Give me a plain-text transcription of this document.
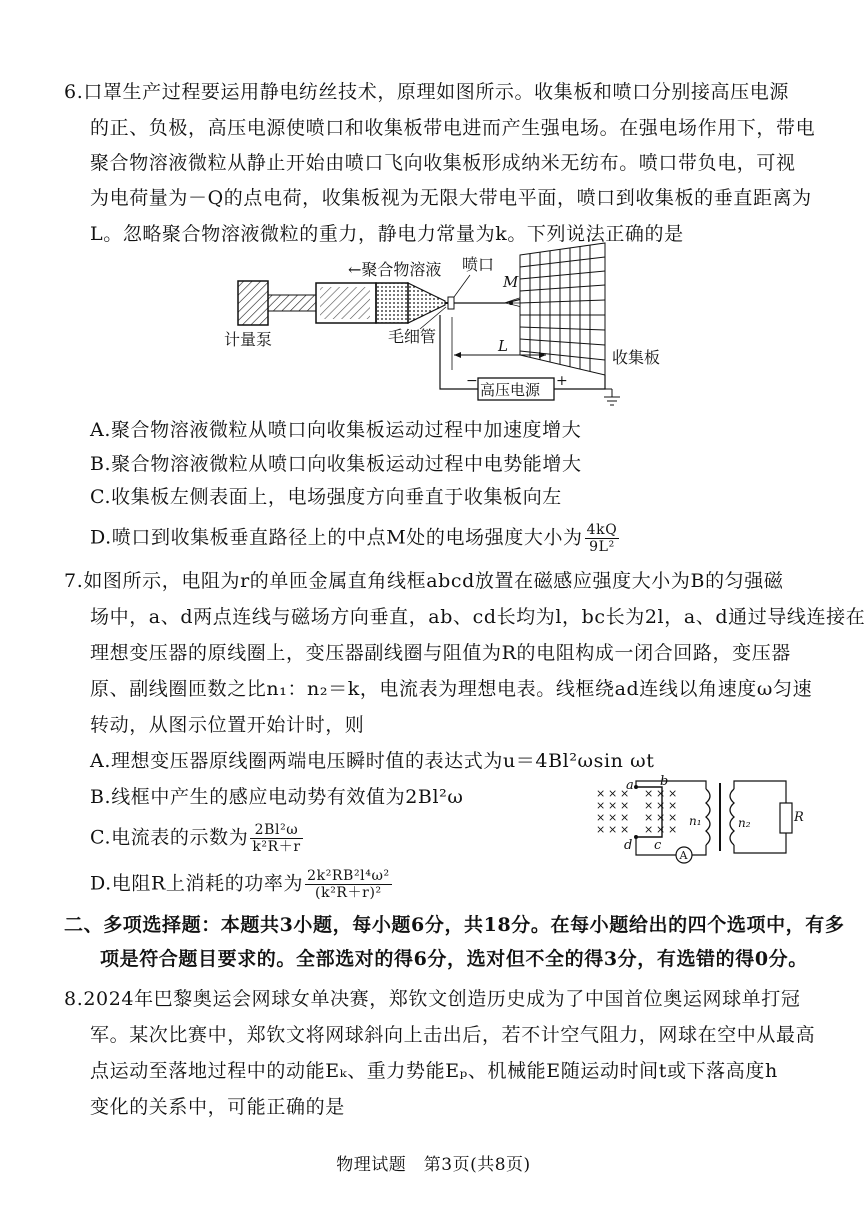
6.口罩生产过程要运用静电纺丝技术，原理如图所示。收集板和喷口分别接高压电源
的正、负极，高压电源使喷口和收集板带电进而产生强电场。在强电场作用下，带电
聚合物溶液微粒从静止开始由喷口飞向收集板形成纳米无纺布。喷口带负电，可视
为电荷量为－Q的点电荷，收集板视为无限大带电平面，喷口到收集板的垂直距离为
L。忽略聚合物溶液微粒的重力，静电力常量为k。下列说法正确的是
←聚合物溶液 喷口
计量泵	毛细管
M
L
收集板
高压电源
−	+
A.聚合物溶液微粒从喷口向收集板运动过程中加速度增大
B.聚合物溶液微粒从喷口向收集板运动过程中电势能增大
C.收集板左侧表面上，电场强度方向垂直于收集板向左
D.喷口到收集板垂直路径上的中点M处的电场强度大小为 $\frac{4kQ}{\text{9L²}}$
7.如图所示，电阻为r的单匝金属直角线框abcd放置在磁感应强度大小为B的匀强磁
场中，a、d两点连线与磁场方向垂直，ab、cd长均为l，bc长为2l，a、d通过导线连接在
理想变压器的原线圈上，变压器副线圈与阻值为R的电阻构成一闭合回路，变压器
原、副线圈匝数之比n₁：n₂＝k，电流表为理想电表。线框绕ad连线以角速度ω匀速
转动，从图示位置开始计时，则
A.理想变压器原线圈两端电压瞬时值的表达式为u＝4Bl²ωsin ωt
B.线框中产生的感应电动势有效值为2Bl²ω
C.电流表的示数为 $\frac{\text{2Bl²ω}}{\text{k²R＋r}}$
D.电阻R上消耗的功率为 $\frac{\text{2k²RB²l⁴ω²}}{\text{(k²R＋r)²}}$
× × × × × ×
× × × × × ×
× × × × × ×
× × × × × ×
A
a b
c
d
n₁	n₂	R
二、多项选择题：本题共3小题，每小题6分，共18分。在每小题给出的四个选项中，有多
项是符合题目要求的。全部选对的得6分，选对但不全的得3分，有选错的得0分。
8.2024年巴黎奥运会网球女单决赛，郑钦文创造历史成为了中国首位奥运网球单打冠
军。某次比赛中，郑钦文将网球斜向上击出后，若不计空气阻力，网球在空中从最高
点运动至落地过程中的动能Eₖ、重力势能Eₚ、机械能E随运动时间t或下落高度h
变化的关系中，可能正确的是
物理试题　第3页(共8页)
